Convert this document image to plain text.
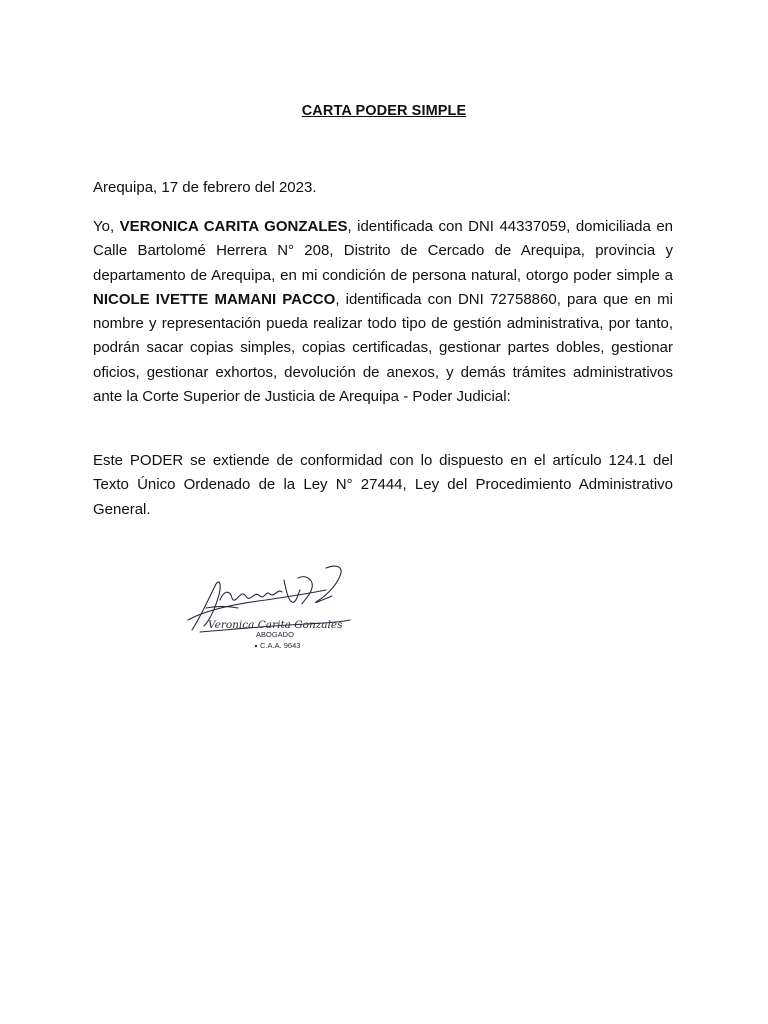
CARTA PODER SIMPLE
Arequipa, 17 de febrero del 2023.

Yo, VERONICA CARITA GONZALES, identificada con DNI 44337059, domiciliada en Calle Bartolomé Herrera N° 208, Distrito de Cercado de Arequipa, provincia y departamento de Arequipa, en mi condición de persona natural, otorgo poder simple a NICOLE IVETTE MAMANI PACCO, identificada con DNI 72758860, para que en mi nombre y representación pueda realizar todo tipo de gestión administrativa, por tanto, podrán sacar copias simples, copias certificadas, gestionar partes dobles, gestionar oficios, gestionar exhortos, devolución de anexos, y demás trámites administrativos ante la Corte Superior de Justicia de Arequipa - Poder Judicial:

Este PODER se extiende de conformidad con lo dispuesto en el artículo 124.1 del Texto Único Ordenado de la Ley N° 27444, Ley del Procedimiento Administrativo General.

Veronica Carita Gonzales
ABOGADO
C.A.A. 9643
